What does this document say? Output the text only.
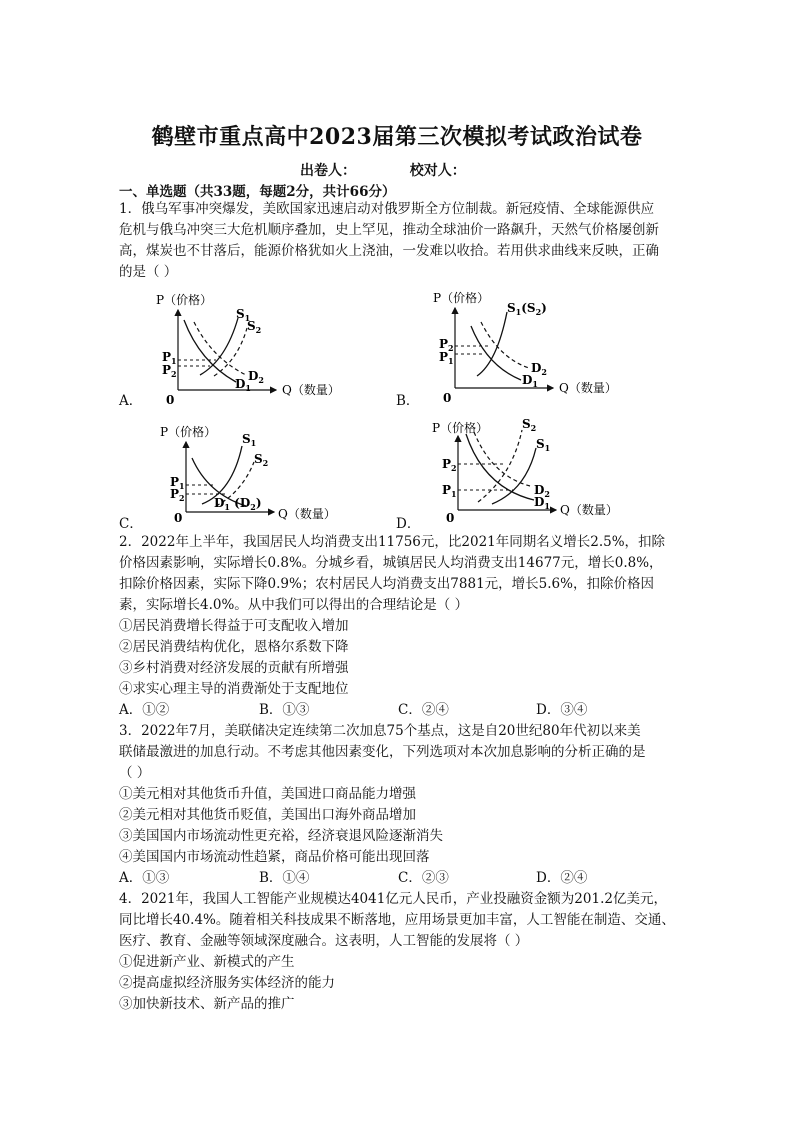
鹤壁市重点高中2023届第三次模拟考试政治试卷
出卷人：	校对人：
一、单选题（共33题，每题2分，共计66分）
1．俄乌军事冲突爆发，美欧国家迅速启动对俄罗斯全方位制裁。新冠疫情、全球能源供应
危机与俄乌冲突三大危机顺序叠加，史上罕见，推动全球油价一路飙升，天然气价格屡创新
高，煤炭也不甘落后，能源价格犹如火上浇油，一发难以收拾。若用供求曲线来反映，正确
的是（ ）
A．
P（价格）
0
Q（数量）
$S_1$
$S_2$
$D_1$
$D_2$
$P_1$
$P_2$
B．
P（价格）
0
Q（数量）
$S_1(S_2)$
$D_1$
$D_2$
$P_2$
$P_1$
C．
P（价格）
0	Q（数量）
$S_1$
$S_2$
$D_1$ $(D_2)$
$P_1$
$P_2$
D．
P（价格）
0
Q（数量）
$S_2$
$S_1$
$D_2$
$D_1$
$P_2$
$P_1$
2．2022年上半年，我国居民人均消费支出11756元，比2021年同期名义增长2.5%，扣除
价格因素影响，实际增长0.8%。分城乡看，城镇居民人均消费支出14677元，增长0.8%，
扣除价格因素，实际下降0.9%；农村居民人均消费支出7881元，增长5.6%，扣除价格因
素，实际增长4.0%。从中我们可以得出的合理结论是（ ）
①居民消费增长得益于可支配收入增加
②居民消费结构优化，恩格尔系数下降
③乡村消费对经济发展的贡献有所增强
④求实心理主导的消费渐处于支配地位
A．①②	B．①③	C．②④	D．③④
3．2022年7月，美联储决定连续第二次加息75个基点，这是自20世纪80年代初以来美
联储最激进的加息行动。不考虑其他因素变化，下列选项对本次加息影响的分析正确的是
（ ）
①美元相对其他货币升值，美国进口商品能力增强
②美元相对其他货币贬值，美国出口海外商品增加
③美国国内市场流动性更充裕，经济衰退风险逐渐消失
④美国国内市场流动性趋紧，商品价格可能出现回落
A．①③	B．①④	C．②③	D．②④
4．2021年，我国人工智能产业规模达4041亿元人民币，产业投融资金额为201.2亿美元，
同比增长40.4%。随着相关科技成果不断落地，应用场景更加丰富，人工智能在制造、交通、
医疗、教育、金融等领域深度融合。这表明，人工智能的发展将（ ）
①促进新产业、新模式的产生
②提高虚拟经济服务实体经济的能力
③加快新技术、新产品的推广
